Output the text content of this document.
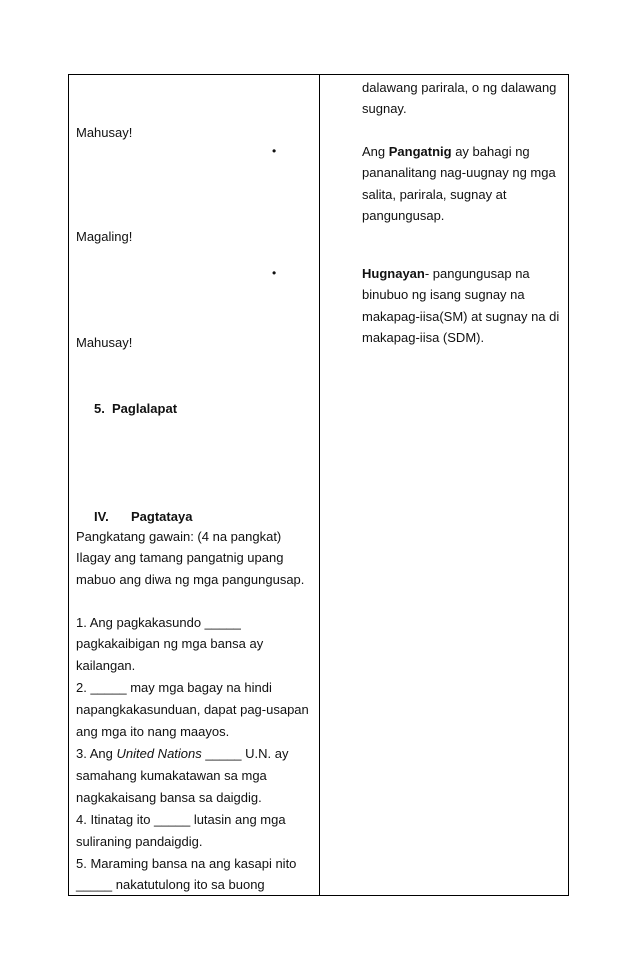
Mahusay!
Magaling!
Mahusay!
5. Paglalapat
IV. Pagtataya
Pangkatang gawain: (4 na pangkat)
Ilagay ang tamang pangatnig upang
mabuo ang diwa ng mga pangungusap.
1. Ang pagkakasundo _____
pagkakaibigan ng mga bansa ay
kailangan.
2. _____ may mga bagay na hindi
napangkakasunduan, dapat pag-usapan
ang mga ito nang maayos.
3. Ang United Nations _____ U.N. ay
samahang kumakatawan sa mga
nagkakaisang bansa sa daigdig.
4. Itinatag ito _____ lutasin ang mga
suliraning pandaigdig.
5. Maraming bansa na ang kasapi nito
_____ nakatutulong ito sa buong
dalawang parirala, o ng dalawang
sugnay.
•	Ang Pangatnig ay bahagi ng
pananalitang nag-uugnay ng mga
salita, parirala, sugnay at
pangungusap.
•	Hugnayan- pangungusap na
binubuo ng isang sugnay na
makapag-iisa(SM) at sugnay na di
makapag-iisa (SDM).
